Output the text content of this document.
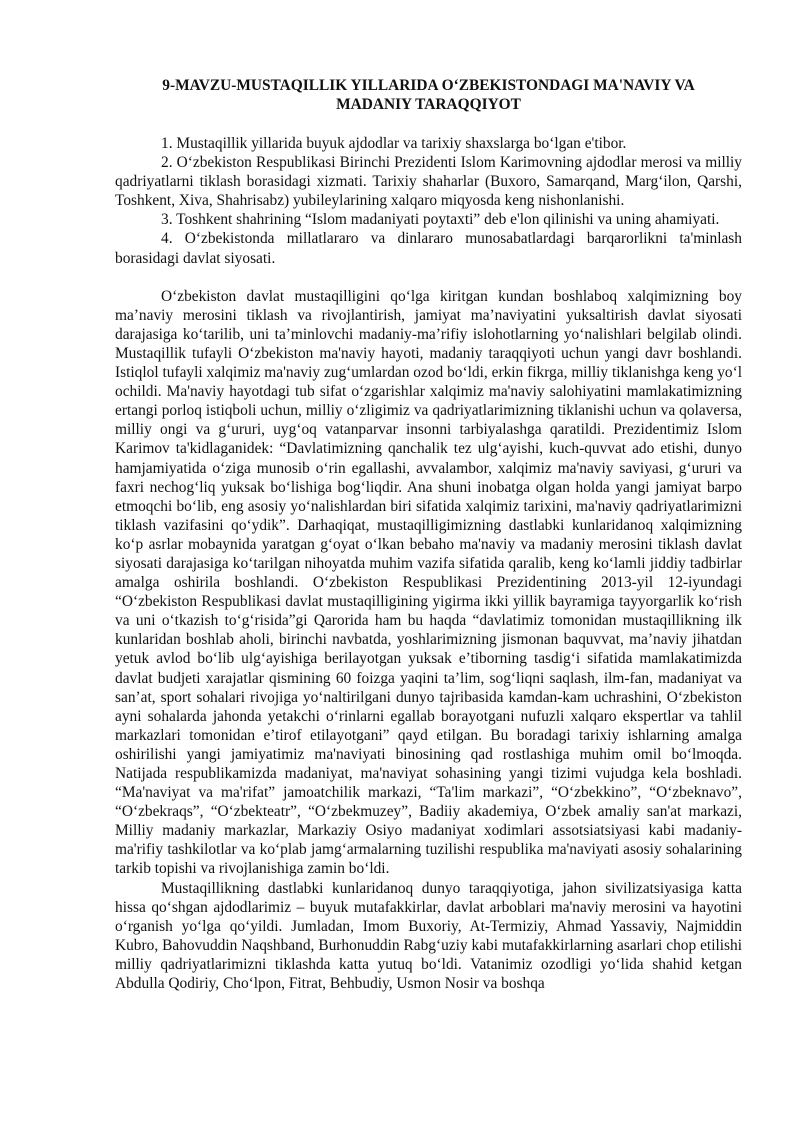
9-MAVZU-MUSTAQILLIK YILLARIDA O‘ZBEKISTONDAGI MA'NAVIY VA MADANIY TARAQQIYOT

1. Mustaqillik yillarida buyuk ajdodlar va tarixiy shaxslarga bo‘lgan e'tibor.

2. O‘zbekiston Respublikasi Birinchi Prezidenti Islom Karimovning ajdodlar merosi va milliy qadriyatlarni tiklash borasidagi xizmati. Tarixiy shaharlar (Buxoro, Samarqand, Marg‘ilon, Qarshi, Toshkent, Xiva, Shahrisabz) yubileylarining xalqaro miqyosda keng nishonlanishi.

3. Toshkent shahrining “Islom madaniyati poytaxti” deb e'lon qilinishi va uning ahamiyati.

4. O‘zbekistonda millatlararo va dinlararo munosabatlardagi barqarorlikni ta'minlash borasidagi davlat siyosati.

O‘zbekiston davlat mustaqilligini qo‘lga kiritgan kundan boshlaboq xalqimizning boy ma’naviy merosini tiklash va rivojlantirish, jamiyat ma’naviyatini yuksaltirish davlat siyosati darajasiga ko‘tarilib, uni ta’minlovchi madaniy-ma’rifiy islohotlarning yo‘nalishlari belgilab olindi. Mustaqillik tufayli O‘zbekiston ma'naviy hayoti, madaniy taraqqiyoti uchun yangi davr boshlandi. Istiqlol tufayli xalqimiz ma'naviy zug‘umlardan ozod bo‘ldi, erkin fikrga, milliy tiklanishga keng yo‘l ochildi. Ma'naviy hayotdagi tub sifat o‘zgarishlar xalqimiz ma'naviy salohiyatini mamlakatimizning ertangi porloq istiqboli uchun, milliy o‘zligimiz va qadriyatlarimizning tiklanishi uchun va qolaversa, milliy ongi va g‘ururi, uyg‘oq vatanparvar insonni tarbiyalashga qaratildi. Prezidentimiz Islom Karimov ta'kidlaganidek: “Davlatimizning qanchalik tez ulg‘ayishi, kuch-quvvat ado etishi, dunyo hamjamiyatida o‘ziga munosib o‘rin egallashi, avvalambor, xalqimiz ma'naviy saviyasi, g‘ururi va faxri nechog‘liq yuksak bo‘lishiga bog‘liqdir. Ana shuni inobatga olgan holda yangi jamiyat barpo etmoqchi bo‘lib, eng asosiy yo‘nalishlardan biri sifatida xalqimiz tarixini, ma'naviy qadriyatlarimizni tiklash vazifasini qo‘ydik”. Darhaqiqat, mustaqilligimizning dastlabki kunlaridanoq xalqimizning ko‘p asrlar mobaynida yaratgan g‘oyat o‘lkan bebaho ma'naviy va madaniy merosini tiklash davlat siyosati darajasiga ko‘tarilgan nihoyatda muhim vazifa sifatida qaralib, keng ko‘lamli jiddiy tadbirlar amalga oshirila boshlandi. O‘zbekiston Respublikasi Prezidentining 2013-yil 12-iyundagi “O‘zbekiston Respublikasi davlat mustaqilligining yigirma ikki yillik bayramiga tayyorgarlik ko‘rish va uni o‘tkazish to‘g‘risida”gi Qarorida ham bu haqda “davlatimiz tomonidan mustaqillikning ilk kunlaridan boshlab aholi, birinchi navbatda, yoshlarimizning jismonan baquvvat, ma’naviy jihatdan yetuk avlod bo‘lib ulg‘ayishiga berilayotgan yuksak e’tiborning tasdig‘i sifatida mamlakatimizda davlat budjeti xarajatlar qismining 60 foizga yaqini ta’lim, sog‘liqni saqlash, ilm-fan, madaniyat va san’at, sport sohalari rivojiga yo‘naltirilgani dunyo tajribasida kamdan-kam uchrashini, O‘zbekiston ayni sohalarda jahonda yetakchi o‘rinlarni egallab borayotgani nufuzli xalqaro ekspertlar va tahlil markazlari tomonidan e’tirof etilayotgani” qayd etilgan. Bu boradagi tarixiy ishlarning amalga oshirilishi yangi jamiyatimiz ma'naviyati binosining qad rostlashiga muhim omil bo‘lmoqda. Natijada respublikamizda madaniyat, ma'naviyat sohasining yangi tizimi vujudga kela boshladi. “Ma'naviyat va ma'rifat” jamoatchilik markazi, “Ta'lim markazi”, “O‘zbekkino”, “O‘zbeknavo”, “O‘zbekraqs”, “O‘zbekteatr”, “O‘zbekmuzey”, Badiiy akademiya, O‘zbek amaliy san'at markazi, Milliy madaniy markazlar, Markaziy Osiyo madaniyat xodimlari assotsiatsiyasi kabi madaniy-ma'rifiy tashkilotlar va ko‘plab jamg‘armalarning tuzilishi respublika ma'naviyati asosiy sohalarining tarkib topishi va rivojlanishiga zamin bo‘ldi.

Mustaqillikning dastlabki kunlaridanoq dunyo taraqqiyotiga, jahon sivilizatsiyasiga katta hissa qo‘shgan ajdodlarimiz – buyuk mutafakkirlar, davlat arboblari ma'naviy merosini va hayotini o‘rganish yo‘lga qo‘yildi. Jumladan, Imom Buxoriy, At-Termiziy, Ahmad Yassaviy, Najmiddin Kubro, Bahovuddin Naqshband, Burhonuddin Rabg‘uziy kabi mutafakkirlarning asarlari chop etilishi milliy qadriyatlarimizni tiklashda katta yutuq bo‘ldi. Vatanimiz ozodligi yo‘lida shahid ketgan Abdulla Qodiriy, Cho‘lpon, Fitrat, Behbudiy, Usmon Nosir va boshqa
